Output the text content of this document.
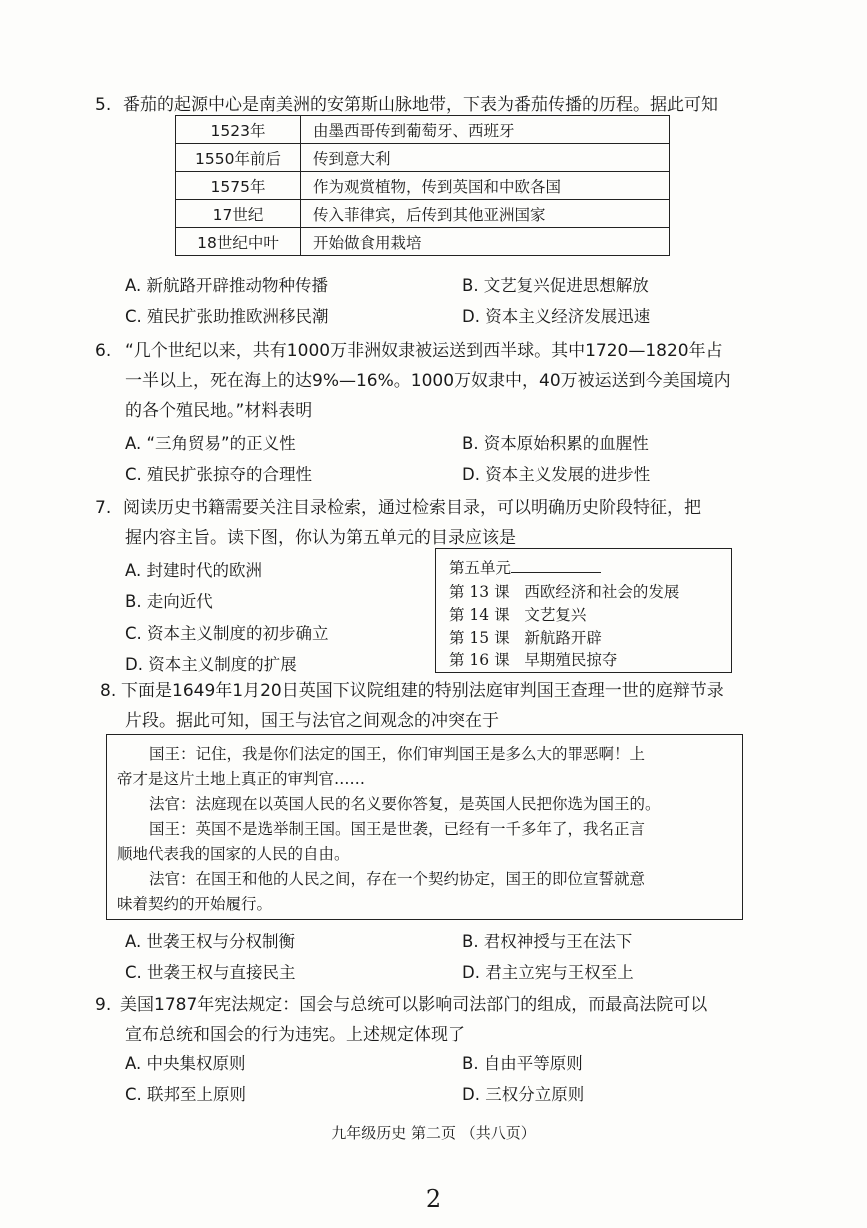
5. 番茄的起源中心是南美洲的安第斯山脉地带，下表为番茄传播的历程。据此可知
1523年	由墨西哥传到葡萄牙、西班牙
1550年前后	传到意大利
1575年	作为观赏植物，传到英国和中欧各国
17世纪	传入菲律宾，后传到其他亚洲国家
18世纪中叶	开始做食用栽培
A. 新航路开辟推动物种传播	B. 文艺复兴促进思想解放
C. 殖民扩张助推欧洲移民潮	D. 资本主义经济发展迅速
6. “几个世纪以来，共有1000万非洲奴隶被运送到西半球。其中1720—1820年占
一半以上，死在海上的达9%—16%。1000万奴隶中，40万被运送到今美国境内
的各个殖民地。”材料表明
A. “三角贸易”的正义性	B. 资本原始积累的血腥性
C. 殖民扩张掠夺的合理性	D. 资本主义发展的进步性
7. 阅读历史书籍需要关注目录检索，通过检索目录，可以明确历史阶段特征，把
握内容主旨。读下图，你认为第五单元的目录应该是
A. 封建时代的欧洲
B. 走向近代
C. 资本主义制度的初步确立
D. 资本主义制度的扩展
第五单元
第 13 课 西欧经济和社会的发展
第 14 课 文艺复兴
第 15 课 新航路开辟
第 16 课 早期殖民掠夺
8. 下面是1649年1月20日英国下议院组建的特别法庭审判国王查理一世的庭辩节录
片段。据此可知，国王与法官之间观念的冲突在于
国王：记住，我是你们法定的国王，你们审判国王是多么大的罪恶啊！上
帝才是这片土地上真正的审判官……
法官：法庭现在以英国人民的名义要你答复，是英国人民把你选为国王的。
国王：英国不是选举制王国。国王是世袭，已经有一千多年了，我名正言
顺地代表我的国家的人民的自由。
法官：在国王和他的人民之间，存在一个契约协定，国王的即位宣誓就意
味着契约的开始履行。
A. 世袭王权与分权制衡	B. 君权神授与王在法下
C. 世袭王权与直接民主	D. 君主立宪与王权至上
9. 美国1787年宪法规定：国会与总统可以影响司法部门的组成，而最高法院可以
宣布总统和国会的行为违宪。上述规定体现了
A. 中央集权原则	B. 自由平等原则
C. 联邦至上原则	D. 三权分立原则
九年级历史 第二页 （共八页）
2
